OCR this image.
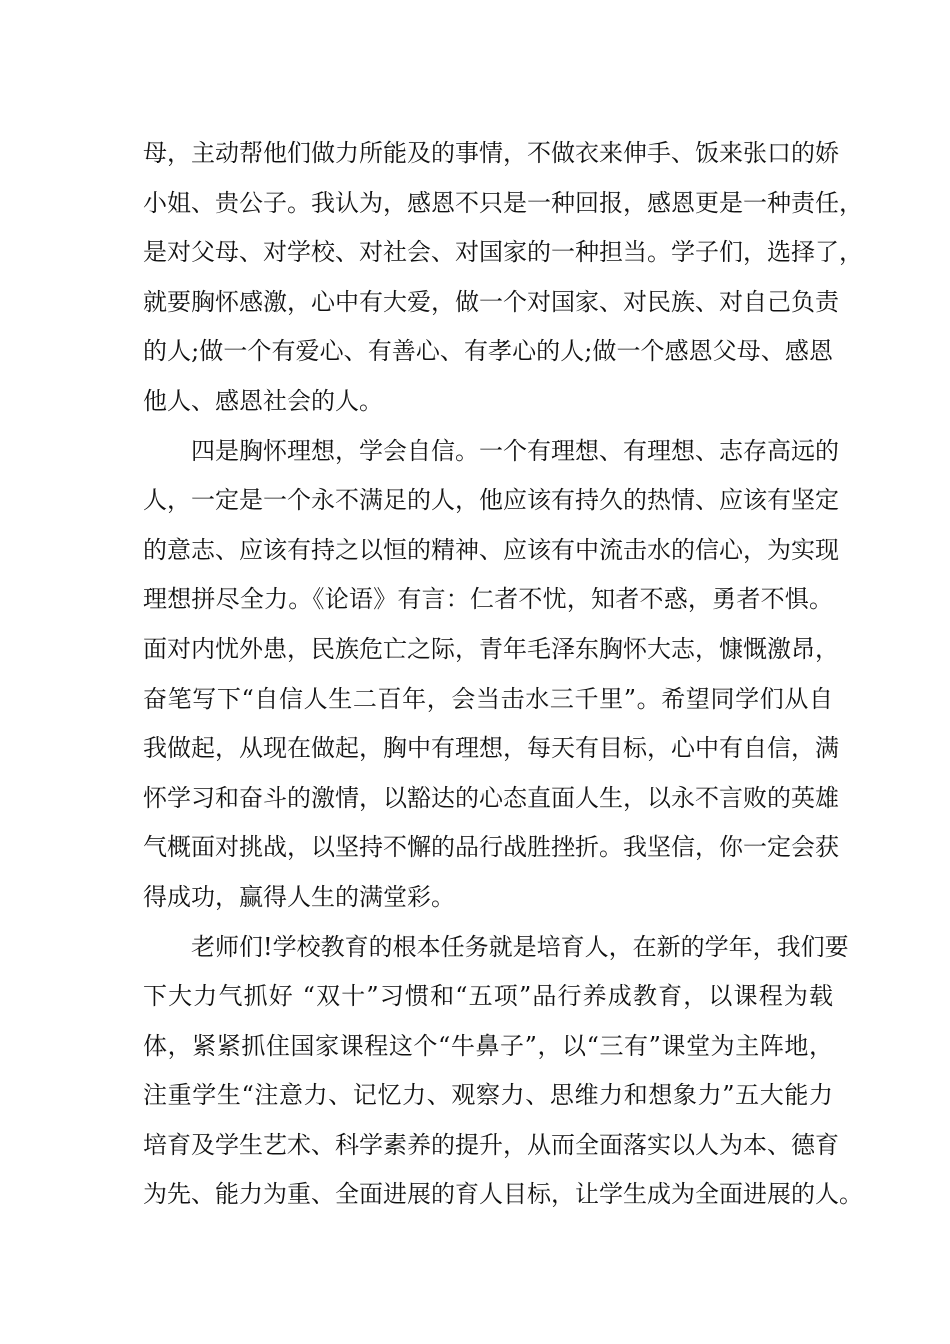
母，主动帮他们做力所能及的事情，不做衣来伸手、饭来张口的娇
小姐、贵公子。我认为，感恩不只是一种回报，感恩更是一种责任，
是对父母、对学校、对社会、对国家的一种担当。学子们，选择了，
就要胸怀感激，心中有大爱，做一个对国家、对民族、对自己负责
的人;做一个有爱心、有善心、有孝心的人;做一个感恩父母、感恩
他人、感恩社会的人。
四是胸怀理想，学会自信。一个有理想、有理想、志存高远的
人，一定是一个永不满足的人，他应该有持久的热情、应该有坚定
的意志、应该有持之以恒的精神、应该有中流击水的信心，为实现
理想拼尽全力。《论语》有言：仁者不忧，知者不惑，勇者不惧。
面对内忧外患，民族危亡之际，青年毛泽东胸怀大志，慷慨激昂，
奋笔写下“自信人生二百年，会当击水三千里”。希望同学们从自
我做起，从现在做起，胸中有理想，每天有目标，心中有自信，满
怀学习和奋斗的激情，以豁达的心态直面人生，以永不言败的英雄
气概面对挑战，以坚持不懈的品行战胜挫折。我坚信，你一定会获
得成功，赢得人生的满堂彩。
老师们!学校教育的根本任务就是培育人，在新的学年，我们要
下大力气抓好 “双十”习惯和“五项”品行养成教育，以课程为载
体，紧紧抓住国家课程这个“牛鼻子”，以“三有”课堂为主阵地，
注重学生“注意力、记忆力、观察力、思维力和想象力”五大能力
培育及学生艺术、科学素养的提升，从而全面落实以人为本、德育
为先、能力为重、全面进展的育人目标，让学生成为全面进展的人。
